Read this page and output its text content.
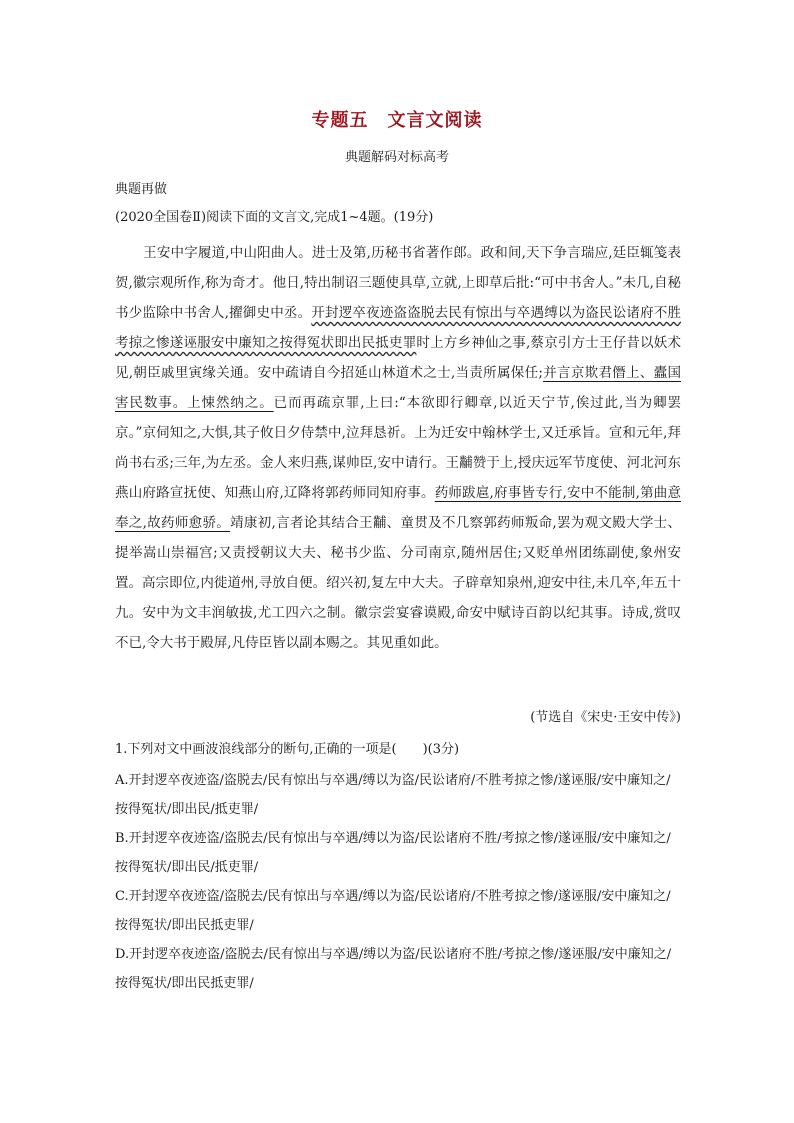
专题五　文言文阅读
典题解码对标高考
典题再做
(2020全国卷Ⅱ)阅读下面的文言文,完成1~4题。(19分)
王安中字履道,中山阳曲人。进士及第,历秘书省著作郎。政和间,天下争言瑞应,廷臣辄笺表贺,徽宗观所作,称为奇才。他日,特出制诏三题使具草,立就,上即草后批:“可中书舍人。”未几,自秘书少监除中书舍人,擢御史中丞。开封逻卒夜迹盗盗脱去民有惊出与卒遇缚以为盗民讼诸府不胜考掠之惨遂诬服安中廉知之按得冤状即出民抵吏罪时上方乡神仙之事,蔡京引方士王仔昔以妖术见,朝臣戚里寅缘关通。安中疏请自今招延山林道术之士,当责所属保任;并言京欺君僭上、蠹国害民数事。上悚然纳之。已而再疏京罪,上曰:“本欲即行卿章,以近天宁节,俟过此,当为卿罢京。”京伺知之,大惧,其子攸日夕侍禁中,泣拜恳祈。上为迁安中翰林学士,又迁承旨。宣和元年,拜尚书右丞;三年,为左丞。金人来归燕,谋帅臣,安中请行。王黼赞于上,授庆远军节度使、河北河东燕山府路宣抚使、知燕山府,辽降将郭药师同知府事。药师跋扈,府事皆专行,安中不能制,第曲意奉之,故药师愈骄。靖康初,言者论其结合王黼、童贯及不几察郭药师叛命,罢为观文殿大学士、提举嵩山崇福宫;又责授朝议大夫、秘书少监、分司南京,随州居住;又贬单州团练副使,象州安置。高宗即位,内徙道州,寻放自便。绍兴初,复左中大夫。子辟章知泉州,迎安中往,未几卒,年五十九。安中为文丰润敏拔,尤工四六之制。徽宗尝宴睿谟殿,命安中赋诗百韵以纪其事。诗成,赏叹不已,令大书于殿屏,凡侍臣皆以副本赐之。其见重如此。
(节选自《宋史·王安中传》)
1.下列对文中画波浪线部分的断句,正确的一项是(　　)(3分)

A.开封逻卒夜迹盗/盗脱去/民有惊出与卒遇/缚以为盗/民讼诸府/不胜考掠之惨/遂诬服/安中廉知之/按得冤状/即出民/抵吏罪/

B.开封逻卒夜迹盗/盗脱去/民有惊出与卒遇/缚以为盗/民讼诸府不胜/考掠之惨/遂诬服/安中廉知之/按得冤状/即出民/抵吏罪/

C.开封逻卒夜迹盗/盗脱去/民有惊出与卒遇/缚以为盗/民讼诸府/不胜考掠之惨/遂诬服/安中廉知之/按得冤状/即出民抵吏罪/

D.开封逻卒夜迹盗/盗脱去/民有惊出与卒遇/缚以为盗/民讼诸府不胜/考掠之惨/遂诬服/安中廉知之/按得冤状/即出民抵吏罪/
